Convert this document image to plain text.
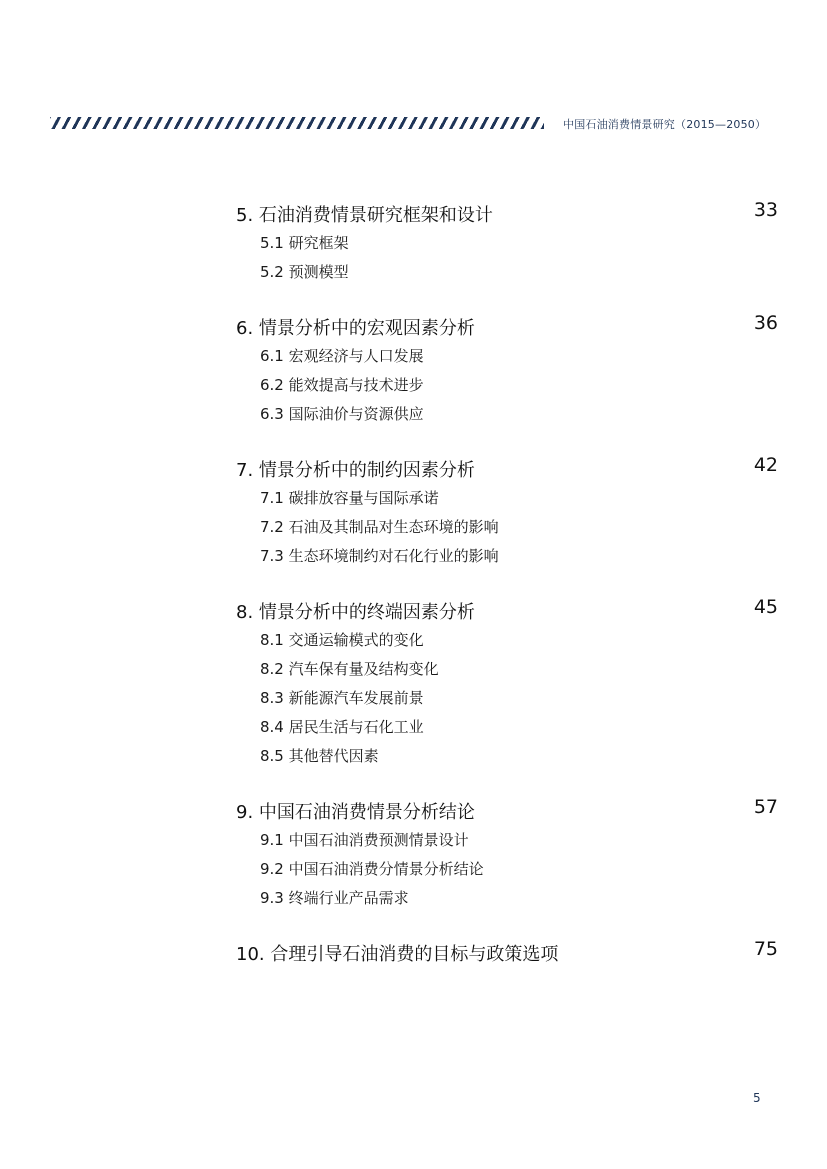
中国石油消费情景研究（2015—2050）
5. 石油消费情景研究框架和设计	33
5.1 研究框架
5.2 预测模型
6. 情景分析中的宏观因素分析	36
6.1 宏观经济与人口发展
6.2 能效提高与技术进步
6.3 国际油价与资源供应
7. 情景分析中的制约因素分析	42
7.1 碳排放容量与国际承诺
7.2 石油及其制品对生态环境的影响
7.3 生态环境制约对石化行业的影响
8. 情景分析中的终端因素分析	45
8.1 交通运输模式的变化
8.2 汽车保有量及结构变化
8.3 新能源汽车发展前景
8.4 居民生活与石化工业
8.5 其他替代因素
9. 中国石油消费情景分析结论	57
9.1 中国石油消费预测情景设计
9.2 中国石油消费分情景分析结论
9.3 终端行业产品需求
10. 合理引导石油消费的目标与政策选项	75
5
